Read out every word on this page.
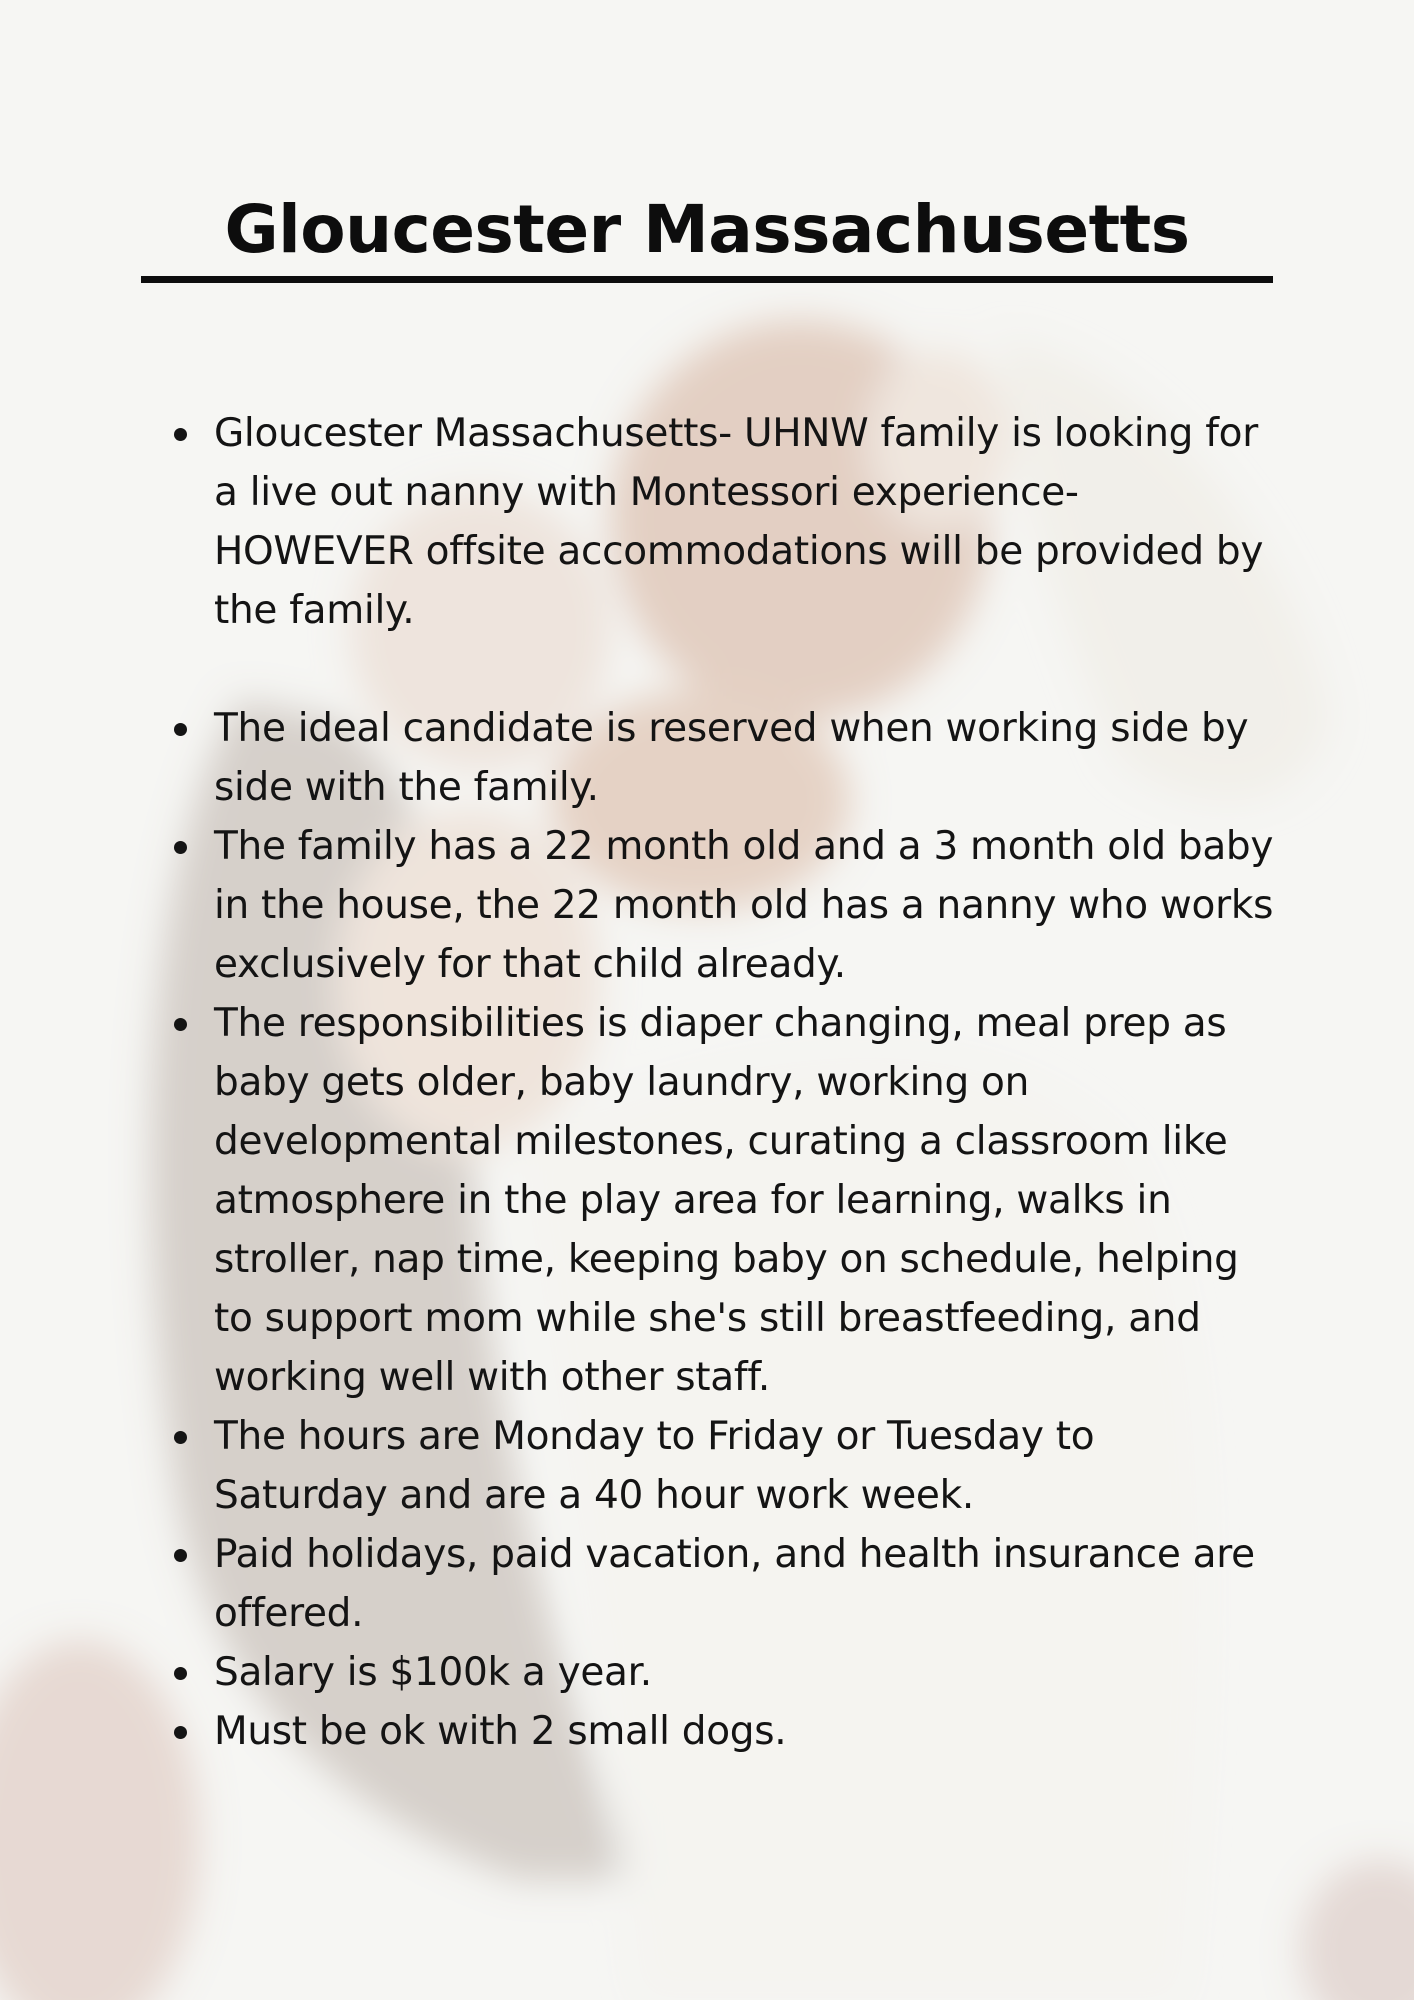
Gloucester Massachusetts
Gloucester Massachusetts- UHNW family is looking for a live out nanny with Montessori experience- HOWEVER offsite accommodations will be provided by the family.
The ideal candidate is reserved when working side by side with the family.
The family has a 22 month old and a 3 month old baby in the house, the 22 month old has a nanny who works exclusively for that child already.
The responsibilities is diaper changing, meal prep as baby gets older, baby laundry, working on developmental milestones, curating a classroom like atmosphere in the play area for learning, walks in stroller, nap time, keeping baby on schedule, helping to support mom while she's still breastfeeding, and working well with other staff.
The hours are Monday to Friday or Tuesday to Saturday and are a 40 hour work week.
Paid holidays, paid vacation, and health insurance are offered.
Salary is $100k a year.
Must be ok with 2 small dogs.
